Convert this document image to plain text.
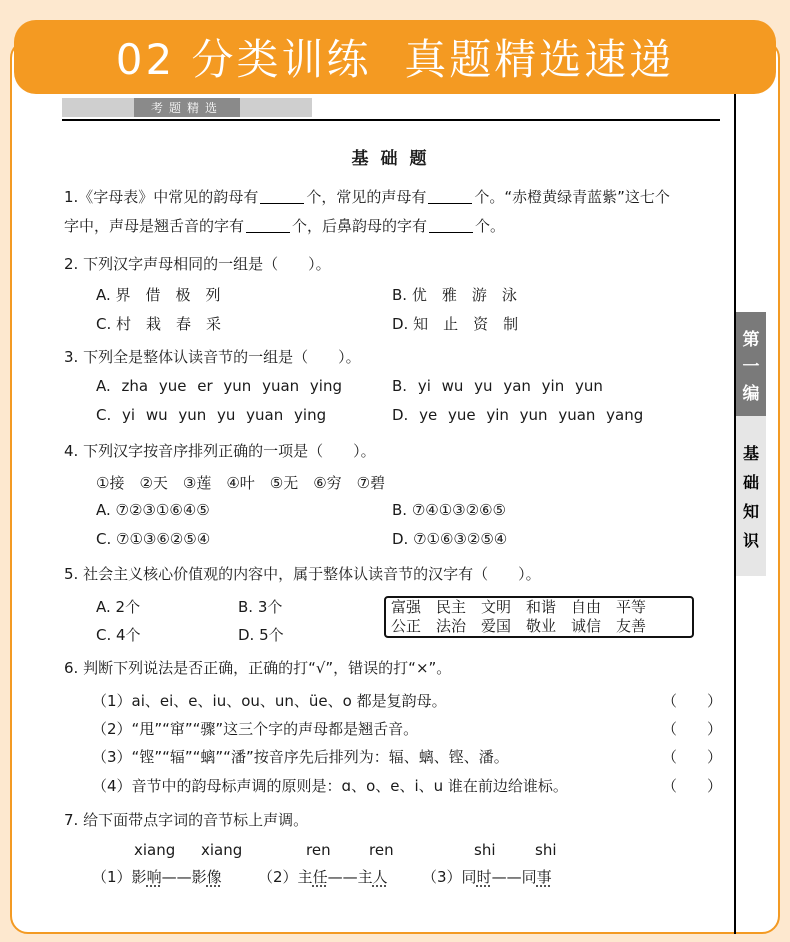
02 分类训练  真题精选速递
考题精选
第
一
编
基
础
知
识
基础题
1.《字母表》中常见的韵母有	个，常见的声母有	个。“赤橙黄绿青蓝紫”这七个
字中，声母是翘舌音的字有	个，后鼻韵母的字有	个。
2. 下列汉字声母相同的一组是（　　）。
A. 界　借　极　列	B. 优　雅　游　泳
C. 村　栽　春　采	D. 知　止　资　制
3. 下列全是整体认读音节的一组是（　　）。
A. zha yue er yun yuan ying	B. yi wu yu yan yin yun
C. yi wu yun yu yuan ying	D. ye yue yin yun yuan yang
4. 下列汉字按音序排列正确的一项是（　　）。
①接　②天　③莲　④叶　⑤无　⑥穷　⑦碧
A. ⑦②③①⑥④⑤	B. ⑦④①③②⑥⑤
C. ⑦①③⑥②⑤④	D. ⑦①⑥③②⑤④
5. 社会主义核心价值观的内容中，属于整体认读音节的汉字有（　　）。
A. 2个	B. 3个
C. 4个	D. 5个
富强　民主　文明　和谐　自由　平等
公正　法治　爱国　敬业　诚信　友善
6. 判断下列说法是否正确，正确的打“√”，错误的打“×”。
（1）ai、ei、e、iu、ou、un、üe、o 都是复韵母。	（　　）
（2）“甩”“窜”“骤”这三个字的声母都是翘舌音。	（　　）
（3）“铿”“辐”“螭”“潘”按音序先后排列为：辐、螭、铿、潘。	（　　）
（4）音节中的韵母标声调的原则是：ɑ、o、e、i、u 谁在前边给谁标。	（　　）
7. 给下面带点字词的音节标上声调。
xiang xiang	ren	ren	shi	shi
（1）影响——影像 （2）主任——主人 （3）同时——同事
